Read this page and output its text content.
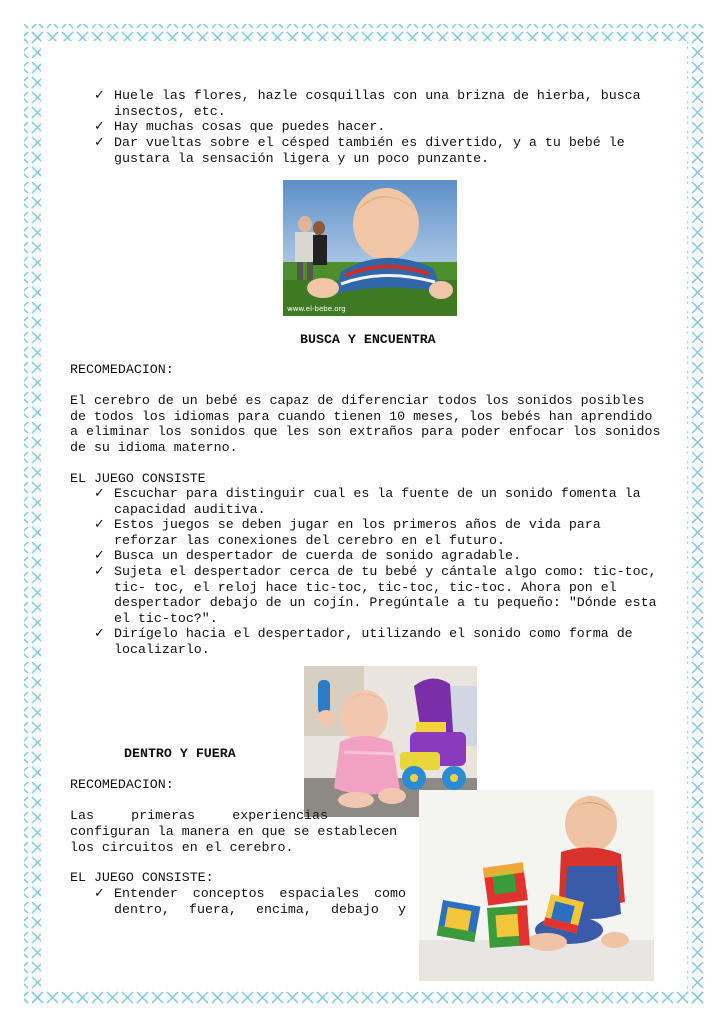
✓ Huele las flores, hazle cosquillas con una brizna de hierba, busca
insectos, etc.
✓ Hay muchas cosas que puedes hacer.
✓ Dar vueltas sobre el césped también es divertido, y a tu bebé le
gustara la sensación ligera y un poco punzante.
www.el-bebe.org
BUSCA Y ENCUENTRA
RECOMEDACION:
El cerebro de un bebé es capaz de diferenciar todos los sonidos posibles
de todos los idiomas para cuando tienen 10 meses, los bebés han aprendido
a eliminar los sonidos que les son extraños para poder enfocar los sonidos
de su idioma materno.
EL JUEGO CONSISTE
✓ Escuchar para distinguir cual es la fuente de un sonido fomenta la
capacidad auditiva.
✓ Estos juegos se deben jugar en los primeros años de vida para
reforzar las conexiones del cerebro en el futuro.
✓ Busca un despertador de cuerda de sonido agradable.
✓ Sujeta el despertador cerca de tu bebé y cántale algo como: tic-toc,
tic- toc, el reloj hace tic-toc, tic-toc, tic-toc. Ahora pon el
despertador debajo de un cojín. Pregúntale a tu pequeño: "Dónde esta
el tic-toc?".
✓ Dirígelo hacia el despertador, utilizando el sonido como forma de
localizarlo.
DENTRO Y FUERA
RECOMEDACION:
Las primeras experiencias
configuran la manera en que se establecen
los circuitos en el cerebro.
EL JUEGO CONSISTE:
✓ Entender conceptos espaciales como
dentro, fuera, encima, debajo y
